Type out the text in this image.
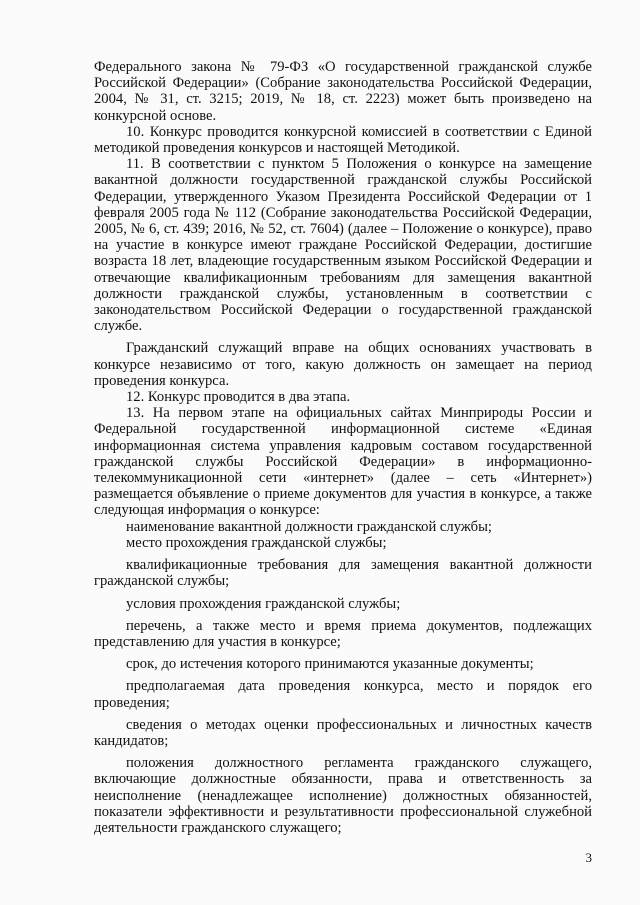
Федерального закона № 79-ФЗ «О государственной гражданской службе Российской Федерации» (Собрание законодательства Российской Федерации, 2004, № 31, ст. 3215; 2019, № 18, ст. 2223) может быть произведено на конкурсной основе.

10. Конкурс проводится конкурсной комиссией в соответствии с Единой методикой проведения конкурсов и настоящей Методикой.

11. В соответствии с пунктом 5 Положения о конкурсе на замещение вакантной должности государственной гражданской службы Российской Федерации, утвержденного Указом Президента Российской Федерации от 1 февраля 2005 года № 112 (Собрание законодательства Российской Федерации, 2005, № 6, ст. 439; 2016, № 52, ст. 7604) (далее – Положение о конкурсе), право на участие в конкурсе имеют граждане Российской Федерации, достигшие возраста 18 лет, владеющие государственным языком Российской Федерации и отвечающие квалификационным требованиям для замещения вакантной должности гражданской службы, установленным в соответствии с законодательством Российской Федерации о государственной гражданской службе.

Гражданский служащий вправе на общих основаниях участвовать в конкурсе независимо от того, какую должность он замещает на период проведения конкурса.

12. Конкурс проводится в два этапа.

13. На первом этапе на официальных сайтах Минприроды России и Федеральной государственной информационной системе «Единая информационная система управления кадровым составом государственной гражданской службы Российской Федерации» в информационно-телекоммуникационной сети «интернет» (далее – сеть «Интернет») размещается объявление о приеме документов для участия в конкурсе, а также следующая информация о конкурсе:

наименование вакантной должности гражданской службы;

место прохождения гражданской службы;

квалификационные требования для замещения вакантной должности гражданской службы;

условия прохождения гражданской службы;

перечень, а также место и время приема документов, подлежащих представлению для участия в конкурсе;

срок, до истечения которого принимаются указанные документы;

предполагаемая дата проведения конкурса, место и порядок его проведения;

сведения о методах оценки профессиональных и личностных качеств кандидатов;

положения должностного регламента гражданского служащего, включающие должностные обязанности, права и ответственность за неисполнение (ненадлежащее исполнение) должностных обязанностей, показатели эффективности и результативности профессиональной служебной деятельности гражданского служащего;

3
